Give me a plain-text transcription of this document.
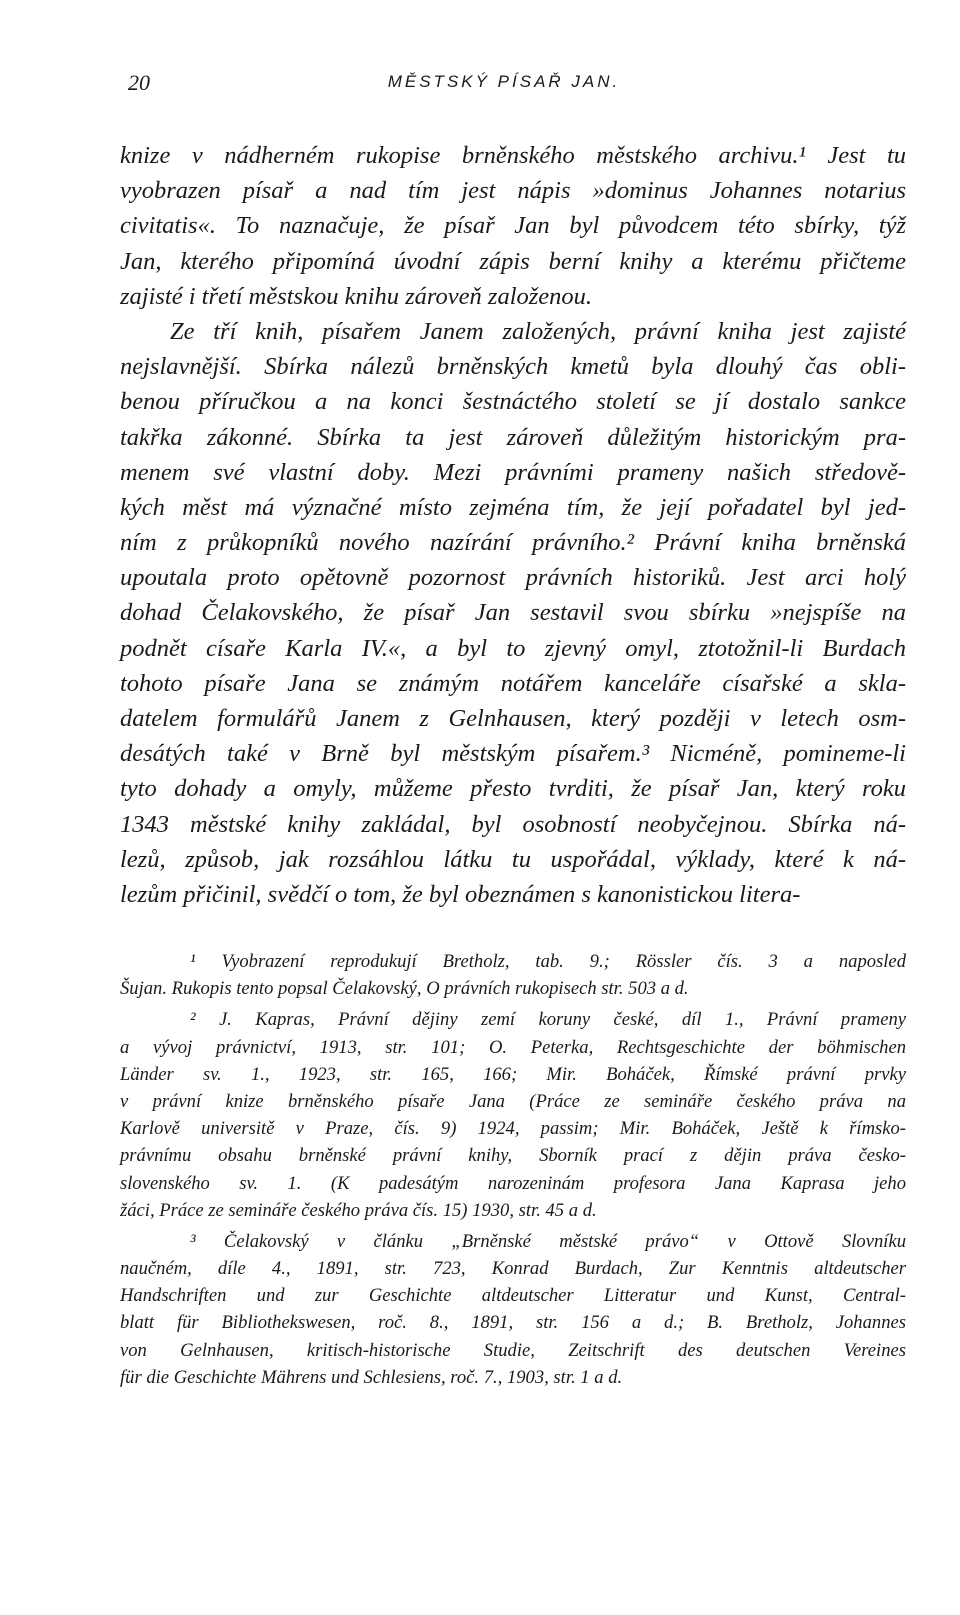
20	MĚSTSKÝ PÍSAŘ JAN.
knize v nádherném rukopise brněnského městského archivu.¹ Jest tu
vyobrazen písař a nad tím jest nápis »dominus Johannes notarius
civitatis«. To naznačuje, že písař Jan byl původcem této sbírky, týž
Jan, kterého připomíná úvodní zápis berní knihy a kterému přičteme
zajisté i třetí městskou knihu zároveň založenou.
Ze tří knih, písařem Janem založených, právní kniha jest zajisté
nejslavnější. Sbírka nálezů brněnských kmetů byla dlouhý čas obli-
benou příručkou a na konci šestnáctého století se jí dostalo sankce
takřka zákonné. Sbírka ta jest zároveň důležitým historickým pra-
menem své vlastní doby. Mezi právními prameny našich středově-
kých měst má význačné místo zejména tím, že její pořadatel byl jed-
ním z průkopníků nového nazírání právního.² Právní kniha brněnská
upoutala proto opětovně pozornost právních historiků. Jest arci holý
dohad Čelakovského, že písař Jan sestavil svou sbírku »nejspíše na
podnět císaře Karla IV.«, a byl to zjevný omyl, ztotožnil-li Burdach
tohoto písaře Jana se známým notářem kanceláře císařské a skla-
datelem formulářů Janem z Gelnhausen, který později v letech osm-
desátých také v Brně byl městským písařem.³ Nicméně, pomineme-li
tyto dohady a omyly, můžeme přesto tvrditi, že písař Jan, který roku
1343 městské knihy zakládal, byl osobností neobyčejnou. Sbírka ná-
lezů, způsob, jak rozsáhlou látku tu uspořádal, výklady, které k ná-
lezům přičinil, svědčí o tom, že byl obeznámen s kanonistickou litera-
¹ Vyobrazení reprodukují Bretholz, tab. 9.; Rössler čís. 3 a naposled
Šujan. Rukopis tento popsal Čelakovský, O právních rukopisech str. 503 a d.
² J. Kapras, Právní dějiny zemí koruny české, díl 1., Právní prameny
a vývoj právnictví, 1913, str. 101; O. Peterka, Rechtsgeschichte der böhmischen
Länder sv. 1., 1923, str. 165, 166; Mir. Boháček, Římské právní prvky
v právní knize brněnského písaře Jana (Práce ze semináře českého práva na
Karlově universitě v Praze, čís. 9) 1924, passim; Mir. Boháček, Ještě k římsko-
právnímu obsahu brněnské právní knihy, Sborník prací z dějin práva česko-
slovenského sv. 1. (K padesátým narozeninám profesora Jana Kaprasa jeho
žáci, Práce ze semináře českého práva čís. 15) 1930, str. 45 a d.
³ Čelakovský v článku „Brněnské městské právo“ v Ottově Slovníku
naučném, díle 4., 1891, str. 723, Konrad Burdach, Zur Kenntnis altdeutscher
Handschriften und zur Geschichte altdeutscher Litteratur und Kunst, Central-
blatt für Bibliothekswesen, roč. 8., 1891, str. 156 a d.; B. Bretholz, Johannes
von Gelnhausen, kritisch-historische Studie, Zeitschrift des deutschen Vereines
für die Geschichte Mährens und Schlesiens, roč. 7., 1903, str. 1 a d.
